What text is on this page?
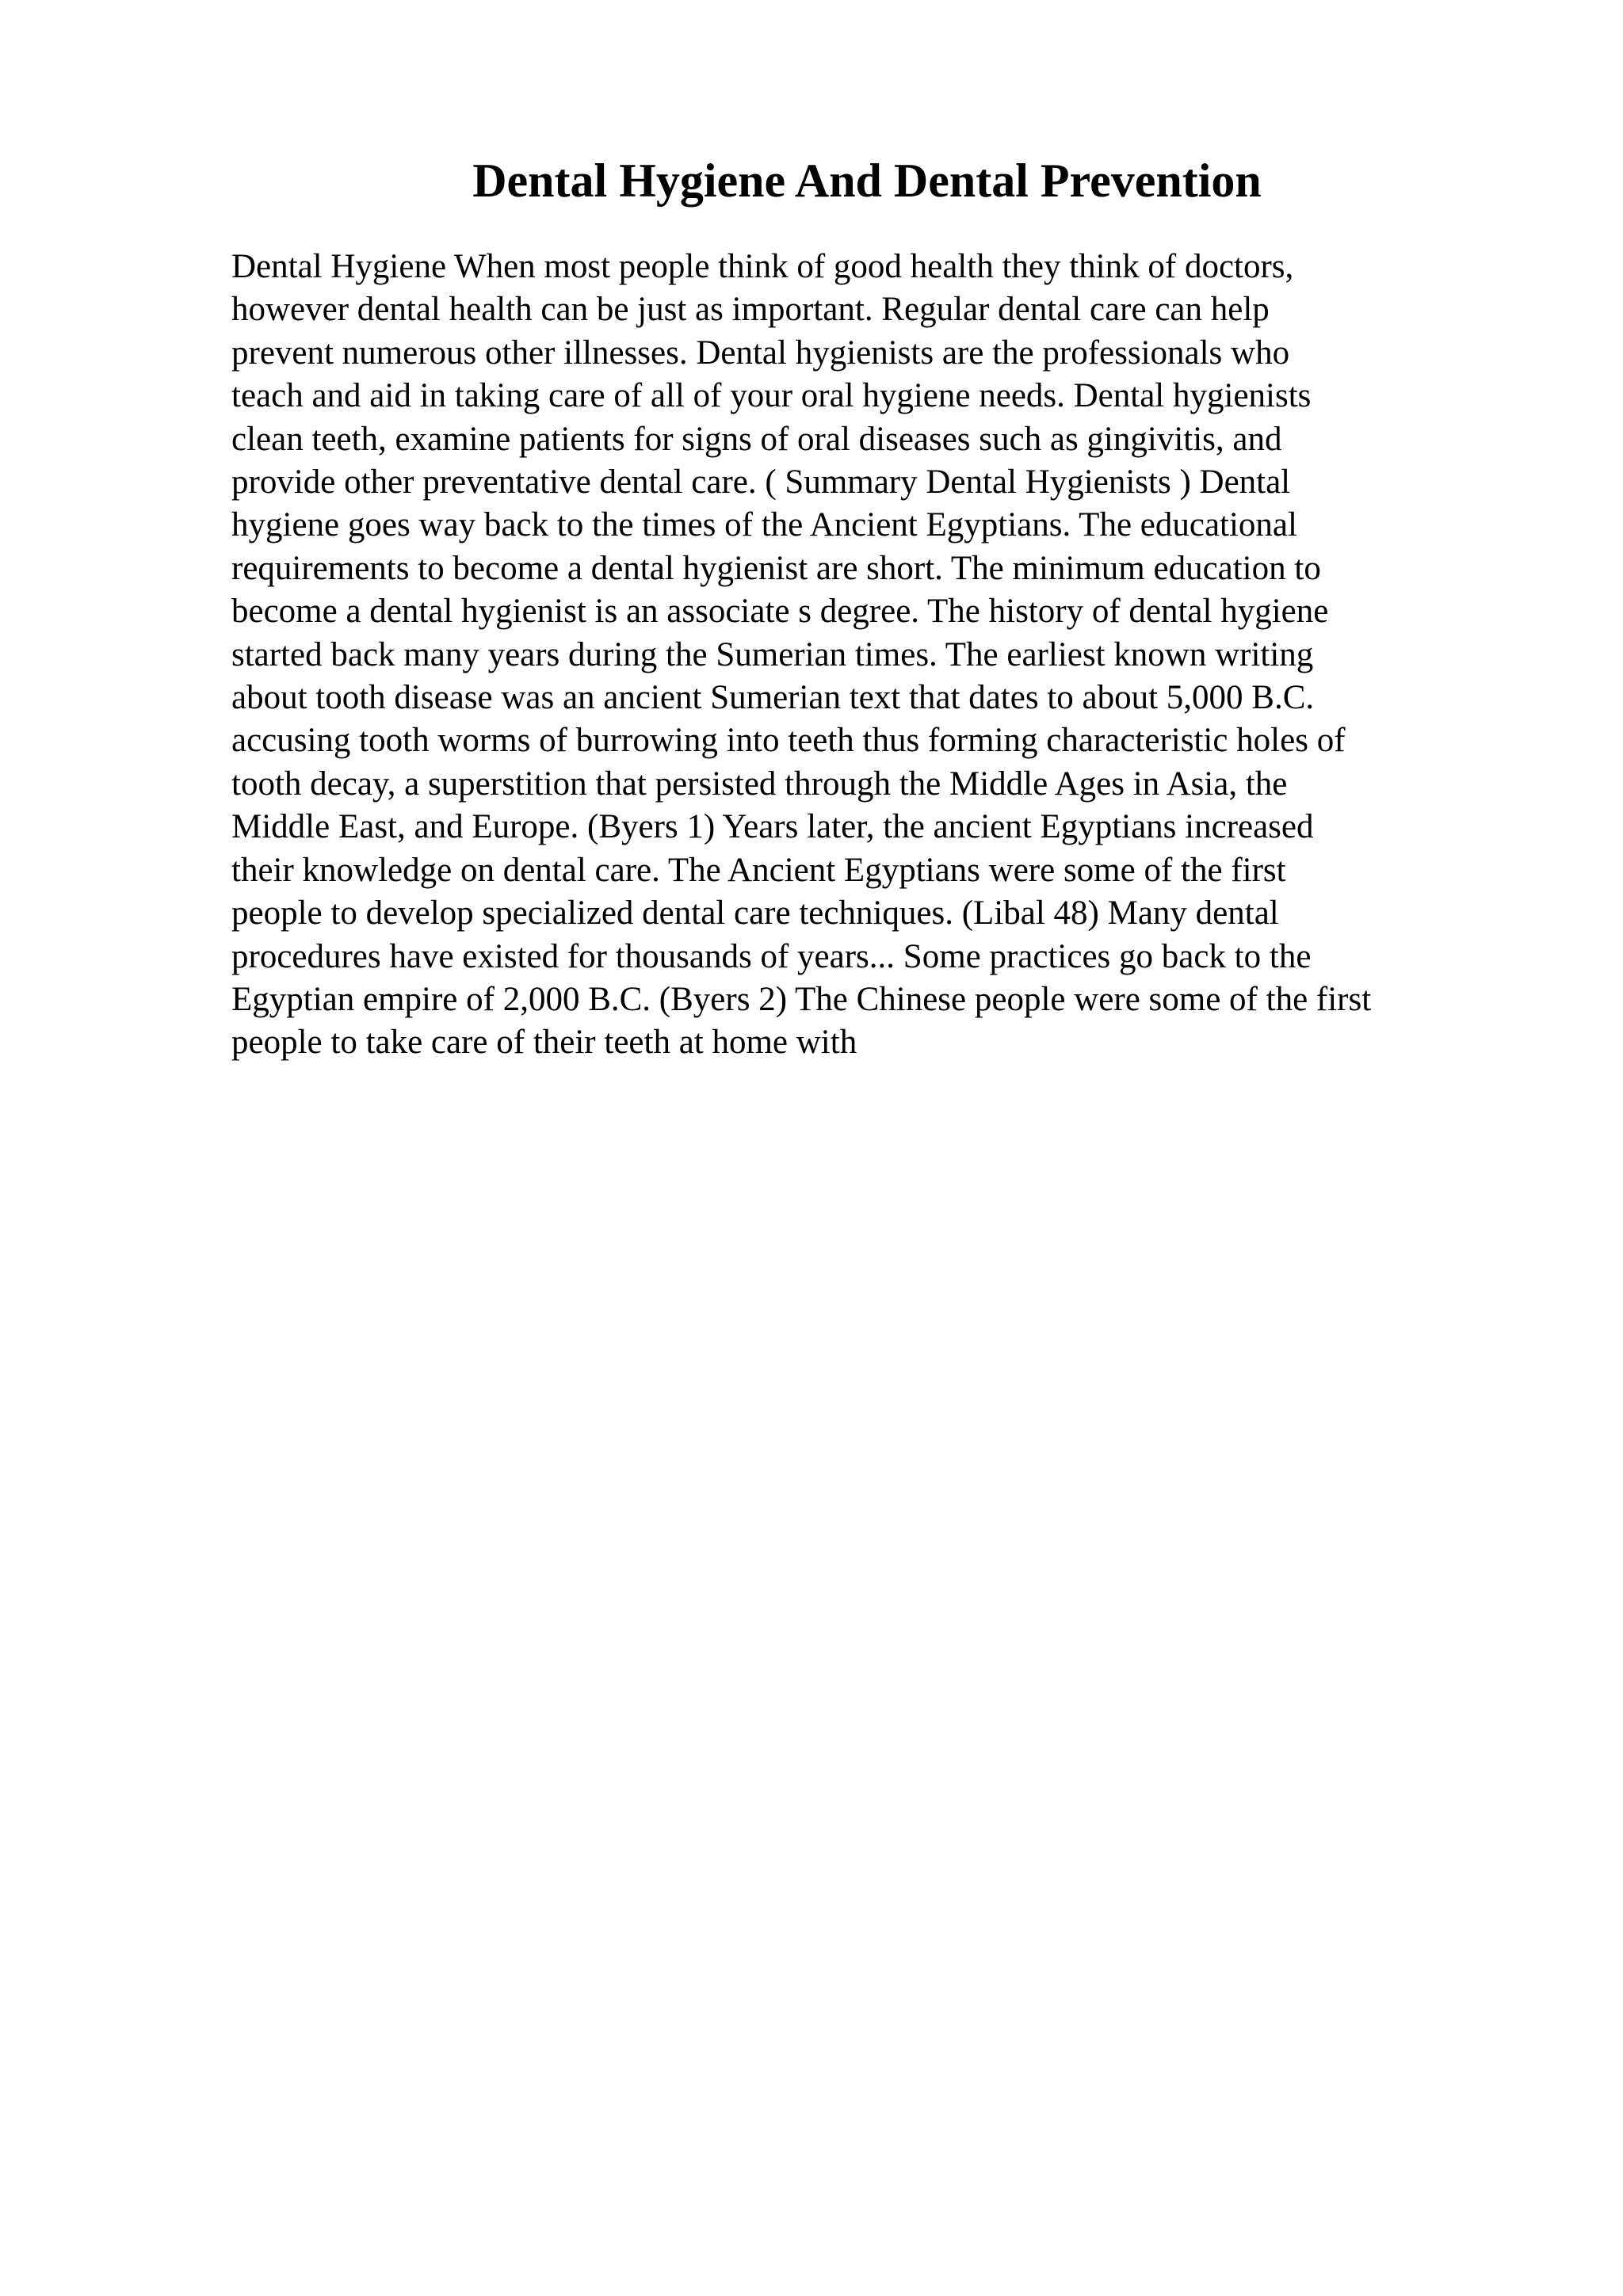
Dental Hygiene And Dental Prevention

Dental Hygiene When most people think of good health they think of doctors,
however dental health can be just as important. Regular dental care can help
prevent numerous other illnesses. Dental hygienists are the professionals who
teach and aid in taking care of all of your oral hygiene needs. Dental hygienists
clean teeth, examine patients for signs of oral diseases such as gingivitis, and
provide other preventative dental care. ( Summary Dental Hygienists ) Dental
hygiene goes way back to the times of the Ancient Egyptians. The educational
requirements to become a dental hygienist are short. The minimum education to
become a dental hygienist is an associate s degree. The history of dental hygiene
started back many years during the Sumerian times. The earliest known writing
about tooth disease was an ancient Sumerian text that dates to about 5,000 B.C.
accusing tooth worms of burrowing into teeth thus forming characteristic holes of
tooth decay, a superstition that persisted through the Middle Ages in Asia, the
Middle East, and Europe. (Byers 1) Years later, the ancient Egyptians increased
their knowledge on dental care. The Ancient Egyptians were some of the first
people to develop specialized dental care techniques. (Libal 48) Many dental
procedures have existed for thousands of years... Some practices go back to the
Egyptian empire of 2,000 B.C. (Byers 2) The Chinese people were some of the first
people to take care of their teeth at home with
